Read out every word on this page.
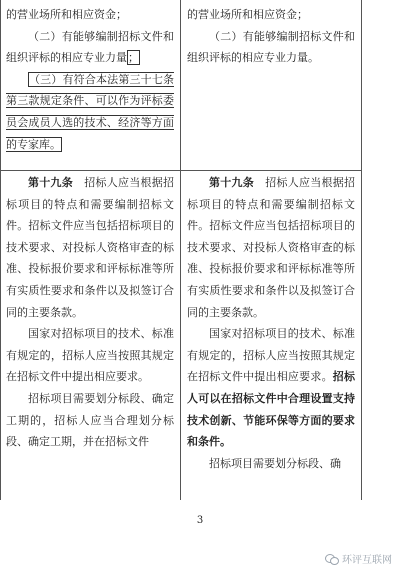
的营业场所和相应资金；

（二）有能够编制招标文件和组织评标的相应专业力量；

（三）有符合本法第三十七条第三款规定条件、可以作为评标委员会成员人选的技术、经济等方面的专家库。

的营业场所和相应资金；

（二）有能够编制招标文件和组织评标的相应专业力量。

第十九条　 招标人应当根据招标项目的特点和需要编制招标文件。招标文件应当包括招标项目的技术要求、对投标人资格审查的标准、投标报价要求和评标标准等所有实质性要求和条件以及拟签订合同的主要条款。

国家对招标项目的技术、标准有规定的，招标人应当按照其规定在招标文件中提出相应要求。

招标项目需要划分标段、确定工期的，招标人应当合理划分标段、确定工期，并在招标文件

第十九条　 招标人应当根据招标项目的特点和需要编制招标文件。招标文件应当包括招标项目的技术要求、对投标人资格审查的标准、投标报价要求和评标标准等所有实质性要求和条件以及拟签订合同的主要条款。

国家对招标项目的技术、标准有规定的，招标人应当按照其规定在招标文件中提出相应要求。招标人可以在招标文件中合理设置支持技术创新、节能环保等方面的要求和条件。

招标项目需要划分标段、确

3
环评互联网
